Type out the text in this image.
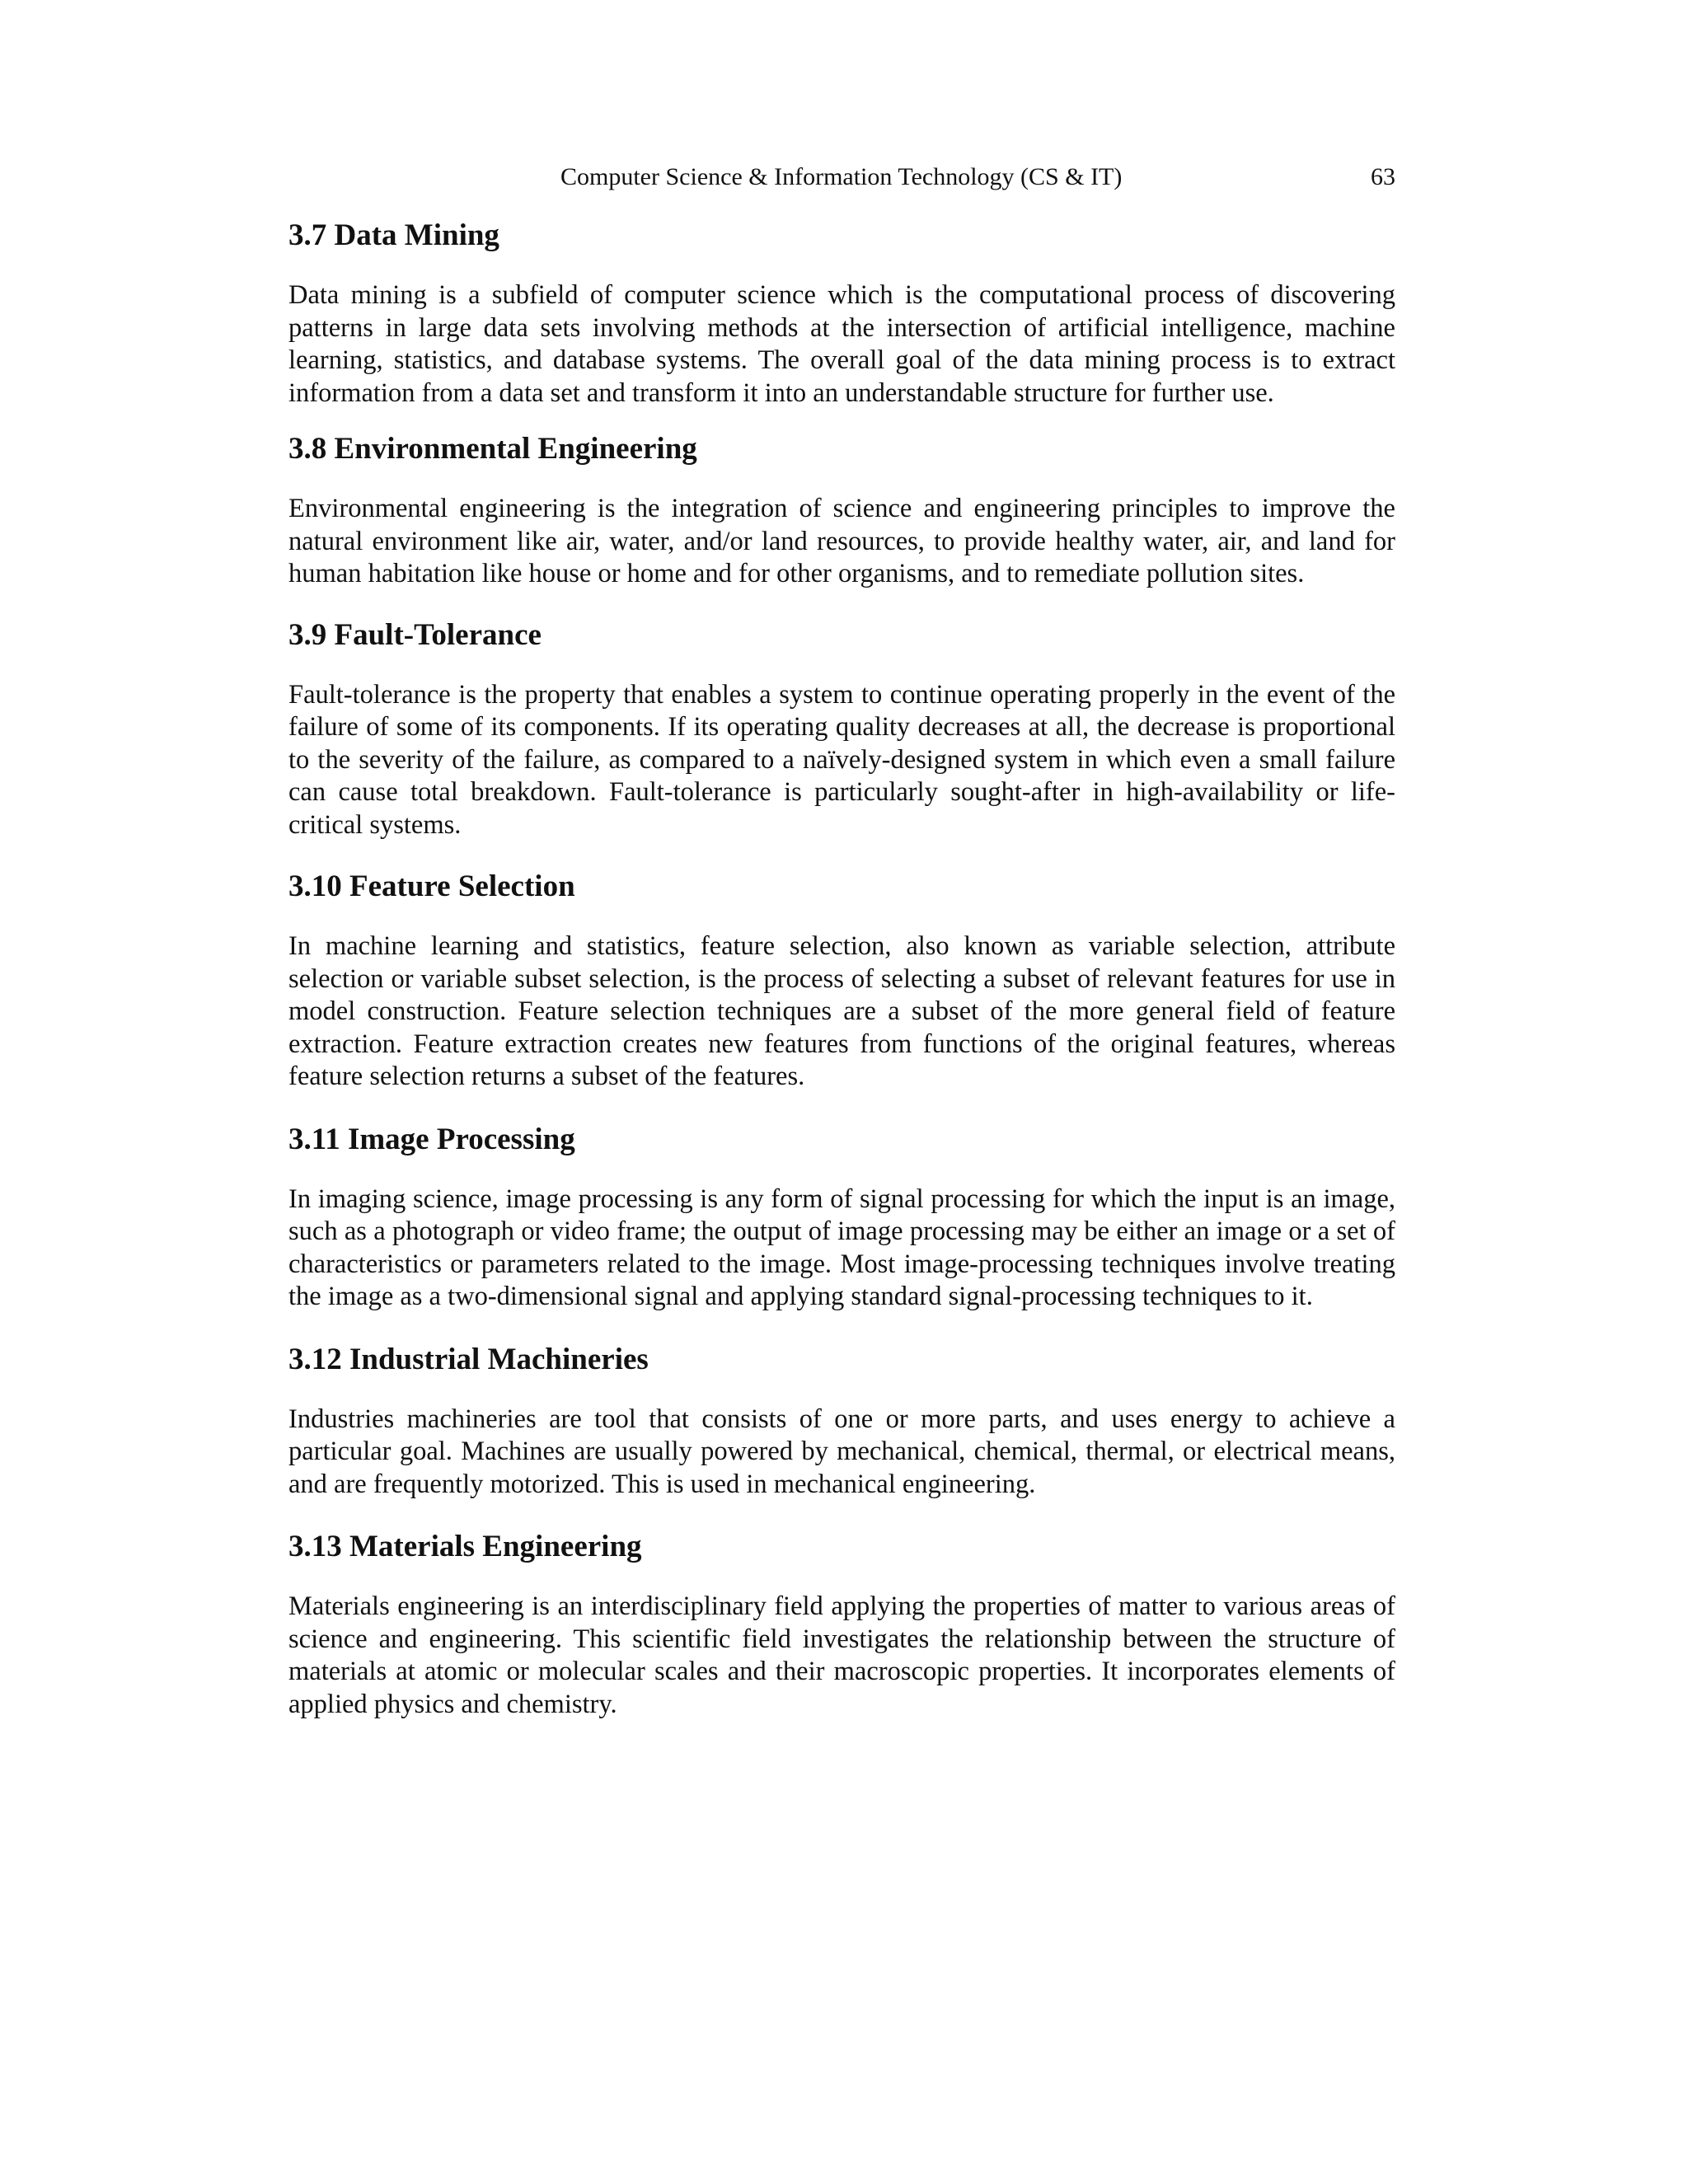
Computer Science & Information Technology (CS & IT)	63
3.7 Data Mining

Data mining is a subfield of computer science which is the computational process of discovering patterns in large data sets involving methods at the intersection of artificial intelligence, machine learning, statistics, and database systems. The overall goal of the data mining process is to extract information from a data set and transform it into an understandable structure for further use.

3.8 Environmental Engineering

Environmental engineering is the integration of science and engineering principles to improve the natural environment like air, water, and/or land resources, to provide healthy water, air, and land for human habitation like house or home and for other organisms, and to remediate pollution sites.

3.9 Fault-Tolerance

Fault-tolerance is the property that enables a system to continue operating properly in the event of the failure of some of its components. If its operating quality decreases at all, the decrease is proportional to the severity of the failure, as compared to a naïvely-designed system in which even a small failure can cause total breakdown. Fault-tolerance is particularly sought-after in high-availability or life-critical systems.

3.10 Feature Selection

In machine learning and statistics, feature selection, also known as variable selection, attribute selection or variable subset selection, is the process of selecting a subset of relevant features for use in model construction. Feature selection techniques are a subset of the more general field of feature extraction. Feature extraction creates new features from functions of the original features, whereas feature selection returns a subset of the features.

3.11 Image Processing

In imaging science, image processing is any form of signal processing for which the input is an image, such as a photograph or video frame; the output of image processing may be either an image or a set of characteristics or parameters related to the image. Most image-processing techniques involve treating the image as a two-dimensional signal and applying standard signal-processing techniques to it.

3.12 Industrial Machineries

Industries machineries are tool that consists of one or more parts, and uses energy to achieve a particular goal. Machines are usually powered by mechanical, chemical, thermal, or electrical means, and are frequently motorized. This is used in mechanical engineering.

3.13 Materials Engineering

Materials engineering is an interdisciplinary field applying the properties of matter to various areas of science and engineering. This scientific field investigates the relationship between the structure of materials at atomic or molecular scales and their macroscopic properties. It incorporates elements of applied physics and chemistry.
